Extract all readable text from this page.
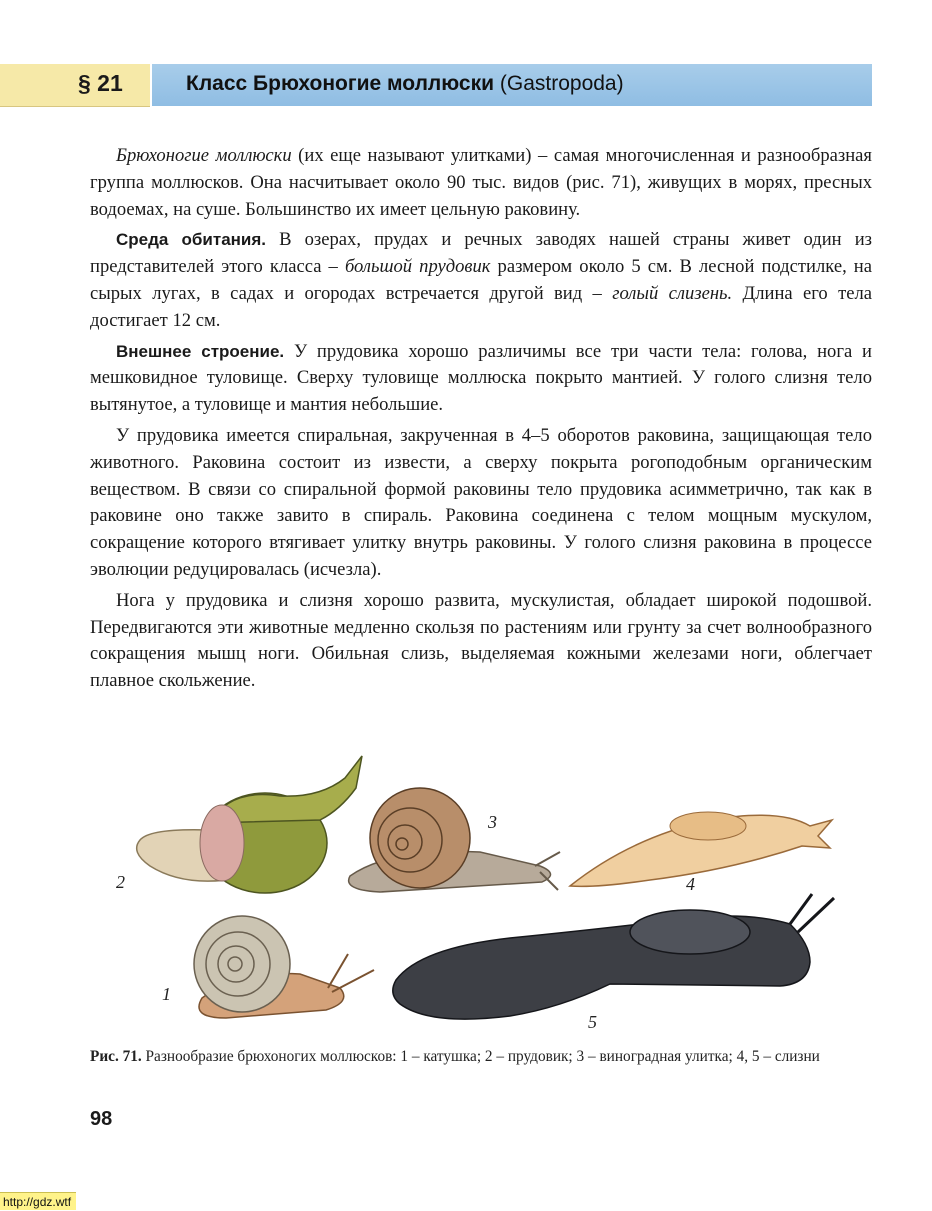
§ 21	Класс Брюхоногие моллюски (Gastropoda)

Брюхоногие моллюски (их еще называют улитками) – самая многочисленная и разнообразная группа моллюсков. Она насчитывает около 90 тыс. видов (рис. 71), живущих в морях, пресных водоемах, на суше. Большинство их имеет цельную раковину.

Среда обитания. В озерах, прудах и речных заводях нашей страны живет один из представителей этого класса – большой прудовик размером около 5 см. В лесной подстилке, на сырых лугах, в садах и огородах встречается другой вид – голый слизень. Длина его тела достигает 12 см.

Внешнее строение. У прудовика хорошо различимы все три части тела: голова, нога и мешковидное туловище. Сверху туловище моллюска покрыто мантией. У голого слизня тело вытянутое, а туловище и мантия небольшие.

У прудовика имеется спиральная, закрученная в 4–5 оборотов раковина, защищающая тело животного. Раковина состоит из извести, а сверху покрыта рогоподобным органическим веществом. В связи со спиральной формой раковины тело прудовика асимметрично, так как в раковине оно также завито в спираль. Раковина соединена с телом мощным мускулом, сокращение которого втягивает улитку внутрь раковины. У голого слизня раковина в процессе эволюции редуцировалась (исчезла).

Нога у прудовика и слизня хорошо развита, мускулистая, обладает широкой подошвой. Передвигаются эти животные медленно скользя по растениям или грунту за счет волнообразного сокращения мышц ноги. Обильная слизь, выделяемая кожными железами ноги, облегчает плавное скольжение.

2
3
4
1
5
Рис. 71. Разнообразие брюхоногих моллюсков: 1 – катушка; 2 – прудовик; 3 – виноградная улитка; 4, 5 – слизни
98
http://gdz.wtf
